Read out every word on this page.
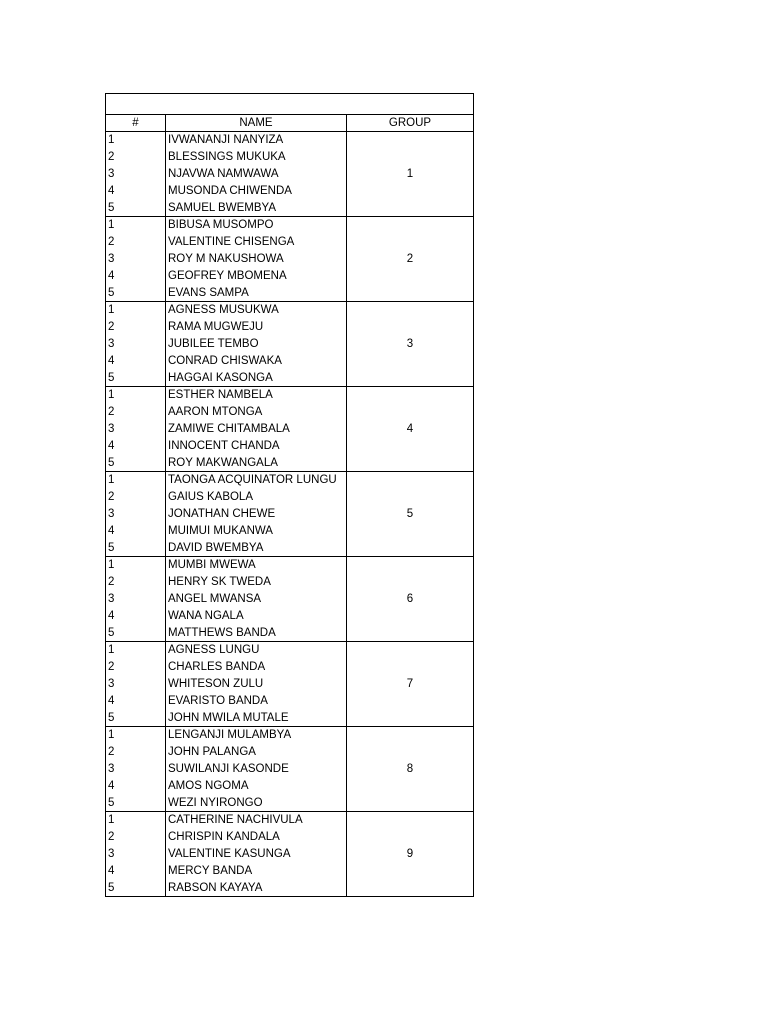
#	NAME	GROUP
1	IVWANANJI NANYIZA	1
2	BLESSINGS MUKUKA	
3	NJAVWA NAMWAWA	
4	MUSONDA CHIWENDA	
5	SAMUEL BWEMBYA	
1	BIBUSA MUSOMPO	2
2	VALENTINE CHISENGA	
3	ROY M NAKUSHOWA	
4	GEOFREY MBOMENA	
5	EVANS SAMPA	
1	AGNESS MUSUKWA	3
2	RAMA MUGWEJU	
3	JUBILEE TEMBO	
4	CONRAD CHISWAKA	
5	HAGGAI KASONGA	
1	ESTHER NAMBELA	4
2	AARON MTONGA	
3	ZAMIWE CHITAMBALA	
4	INNOCENT CHANDA	
5	ROY MAKWANGALA	
1	TAONGA ACQUINATOR LUNGU	5
2	GAIUS KABOLA	
3	JONATHAN CHEWE	
4	MUIMUI MUKANWA	
5	DAVID BWEMBYA	
1	MUMBI MWEWA	6
2	HENRY SK TWEDA	
3	ANGEL MWANSA	
4	WANA NGALA	
5	MATTHEWS BANDA	
1	AGNESS LUNGU	7
2	CHARLES BANDA	
3	WHITESON ZULU	
4	EVARISTO BANDA	
5	JOHN MWILA MUTALE	
1	LENGANJI MULAMBYA	8
2	JOHN PALANGA	
3	SUWILANJI KASONDE	
4	AMOS NGOMA	
5	WEZI NYIRONGO	
1	CATHERINE NACHIVULA	9
2	CHRISPIN KANDALA	
3	VALENTINE KASUNGA	
4	MERCY BANDA	
5	RABSON KAYAYA	
